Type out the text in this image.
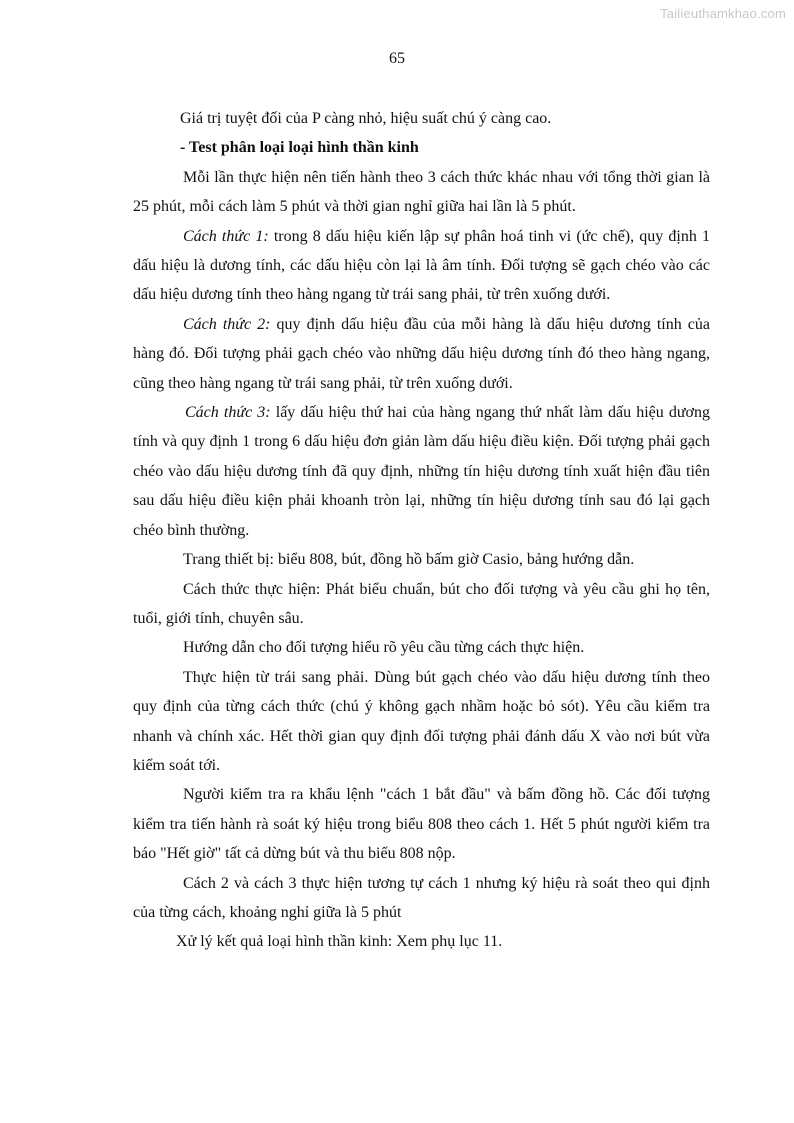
Tailieuthamkhao.com
65

Giá trị tuyệt đối của P càng nhỏ, hiệu suất chú ý càng cao.

- Test phân loại loại hình thần kinh

Mỗi lần thực hiện nên tiến hành theo 3 cách thức khác nhau với tổng thời gian là 25 phút, mỗi cách làm 5 phút và thời gian nghỉ giữa hai lần là 5 phút.

Cách thức 1: trong 8 dấu hiệu kiến lập sự phân hoá tinh vi (ức chế), quy định 1 dấu hiệu là dương tính, các dấu hiệu còn lại là âm tính. Đối tượng sẽ gạch chéo vào các dấu hiệu dương tính theo hàng ngang từ trái sang phải, từ trên xuống dưới.

Cách thức 2: quy định dấu hiệu đầu của mỗi hàng là dấu hiệu dương tính của hàng đó. Đối tượng phải gạch chéo vào những dấu hiệu dương tính đó theo hàng ngang, cũng theo hàng ngang từ trái sang phải, từ trên xuống dưới.

Cách thức 3: lấy dấu hiệu thứ hai của hàng ngang thứ nhất làm dấu hiệu dương tính và quy định 1 trong 6 dấu hiệu đơn giản làm dấu hiệu điều kiện. Đối tượng phải gạch chéo vào dấu hiệu dương tính đã quy định, những tín hiệu dương tính xuất hiện đầu tiên sau dấu hiệu điều kiện phải khoanh tròn lại, những tín hiệu dương tính sau đó lại gạch chéo bình thường.

Trang thiết bị: biểu 808, bút, đồng hồ bấm giờ Casio, bảng hướng dẫn.

Cách thức thực hiện: Phát biểu chuẩn, bút cho đối tượng và yêu cầu ghi họ tên, tuổi, giới tính, chuyên sâu.

Hướng dẫn cho đối tượng hiểu rõ yêu cầu từng cách thực hiện.

Thực hiện từ trái sang phải. Dùng bút gạch chéo vào dấu hiệu dương tính theo quy định của từng cách thức (chú ý không gạch nhầm hoặc bỏ sót). Yêu cầu kiểm tra nhanh và chính xác. Hết thời gian quy định đối tượng phải đánh dấu X vào nơi bút vừa kiểm soát tới.

Người kiểm tra ra khẩu lệnh "cách 1 bắt đầu" và bấm đồng hồ. Các đối tượng kiểm tra tiến hành rà soát ký hiệu trong biểu 808 theo cách 1. Hết 5 phút người kiểm tra báo "Hết giờ" tất cả dừng bút và thu biểu 808 nộp.

Cách 2 và cách 3 thực hiện tương tự cách 1 nhưng ký hiệu rà soát theo qui định của từng cách, khoảng nghỉ giữa là 5 phút

Xử lý kết quả loại hình thần kinh: Xem phụ lục 11.
